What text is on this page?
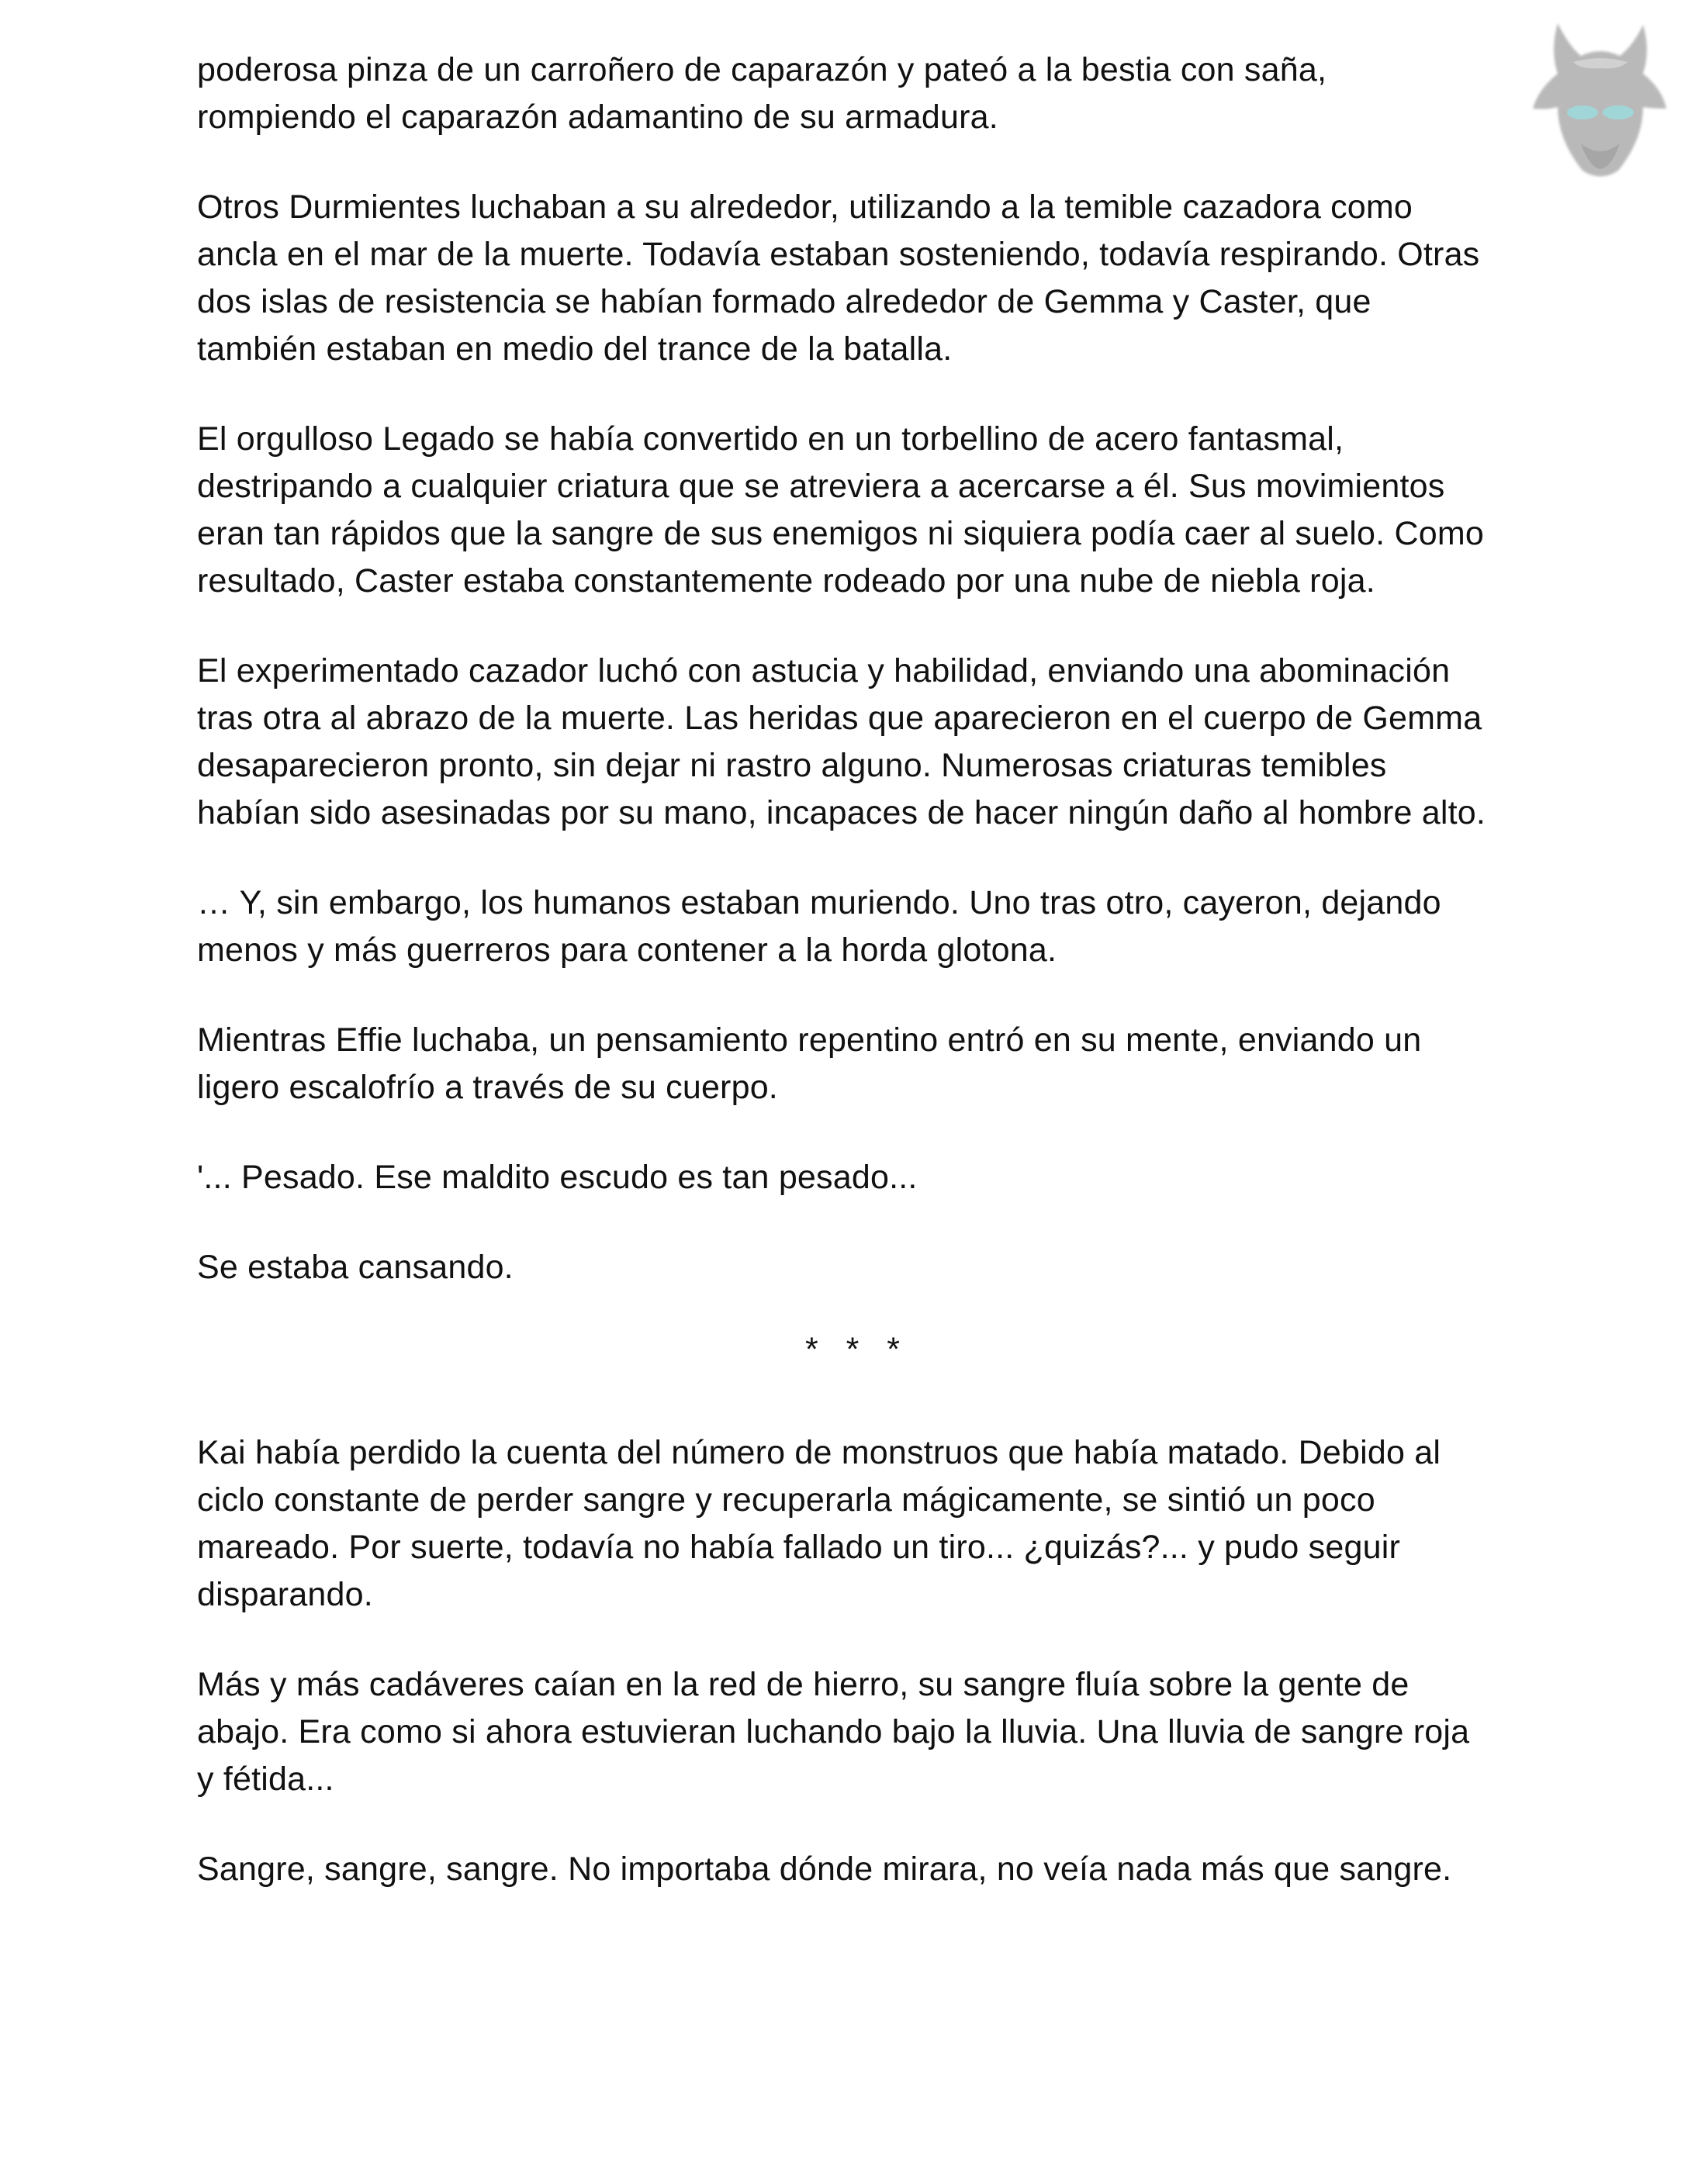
poderosa pinza de un carroñero de caparazón y pateó a la bestia con saña, rompiendo el caparazón adamantino de su armadura.

Otros Durmientes luchaban a su alrededor, utilizando a la temible cazadora como ancla en el mar de la muerte. Todavía estaban sosteniendo, todavía respirando. Otras dos islas de resistencia se habían formado alrededor de Gemma y Caster, que también estaban en medio del trance de la batalla.

El orgulloso Legado se había convertido en un torbellino de acero fantasmal, destripando a cualquier criatura que se atreviera a acercarse a él. Sus movimientos eran tan rápidos que la sangre de sus enemigos ni siquiera podía caer al suelo. Como resultado, Caster estaba constantemente rodeado por una nube de niebla roja.

El experimentado cazador luchó con astucia y habilidad, enviando una abominación tras otra al abrazo de la muerte. Las heridas que aparecieron en el cuerpo de Gemma desaparecieron pronto, sin dejar ni rastro alguno. Numerosas criaturas temibles habían sido asesinadas por su mano, incapaces de hacer ningún daño al hombre alto.

… Y, sin embargo, los humanos estaban muriendo. Uno tras otro, cayeron, dejando menos y más guerreros para contener a la horda glotona.

Mientras Effie luchaba, un pensamiento repentino entró en su mente, enviando un ligero escalofrío a través de su cuerpo.

'... Pesado. Ese maldito escudo es tan pesado...

Se estaba cansando.

* * *

Kai había perdido la cuenta del número de monstruos que había matado. Debido al ciclo constante de perder sangre y recuperarla mágicamente, se sintió un poco mareado. Por suerte, todavía no había fallado un tiro... ¿quizás?... y pudo seguir disparando.

Más y más cadáveres caían en la red de hierro, su sangre fluía sobre la gente de abajo. Era como si ahora estuvieran luchando bajo la lluvia. Una lluvia de sangre roja y fétida...

Sangre, sangre, sangre. No importaba dónde mirara, no veía nada más que sangre.
